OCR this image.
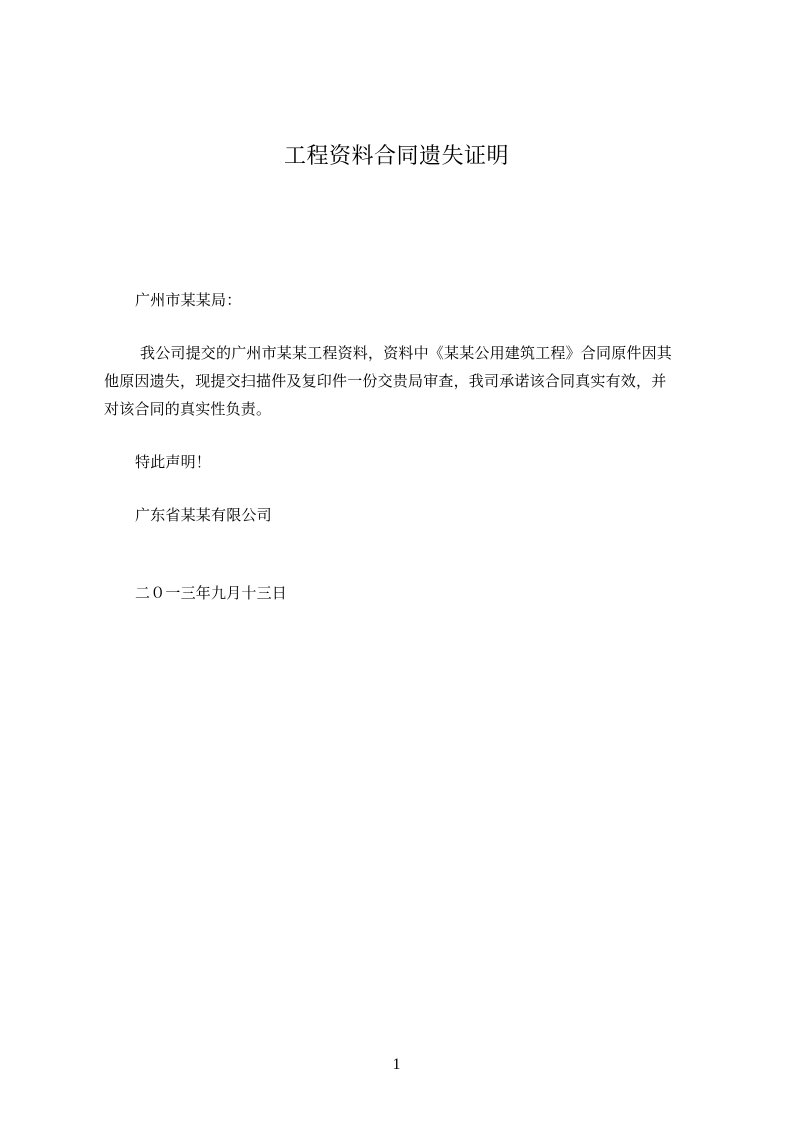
工程资料合同遗失证明
广州市某某局：
我公司提交的广州市某某工程资料，资料中《某某公用建筑工程》合同原件因其
他原因遗失，现提交扫描件及复印件一份交贵局审查，我司承诺该合同真实有效，并
对该合同的真实性负责。
特此声明！
广东省某某有限公司
二０一三年九月十三日
1
